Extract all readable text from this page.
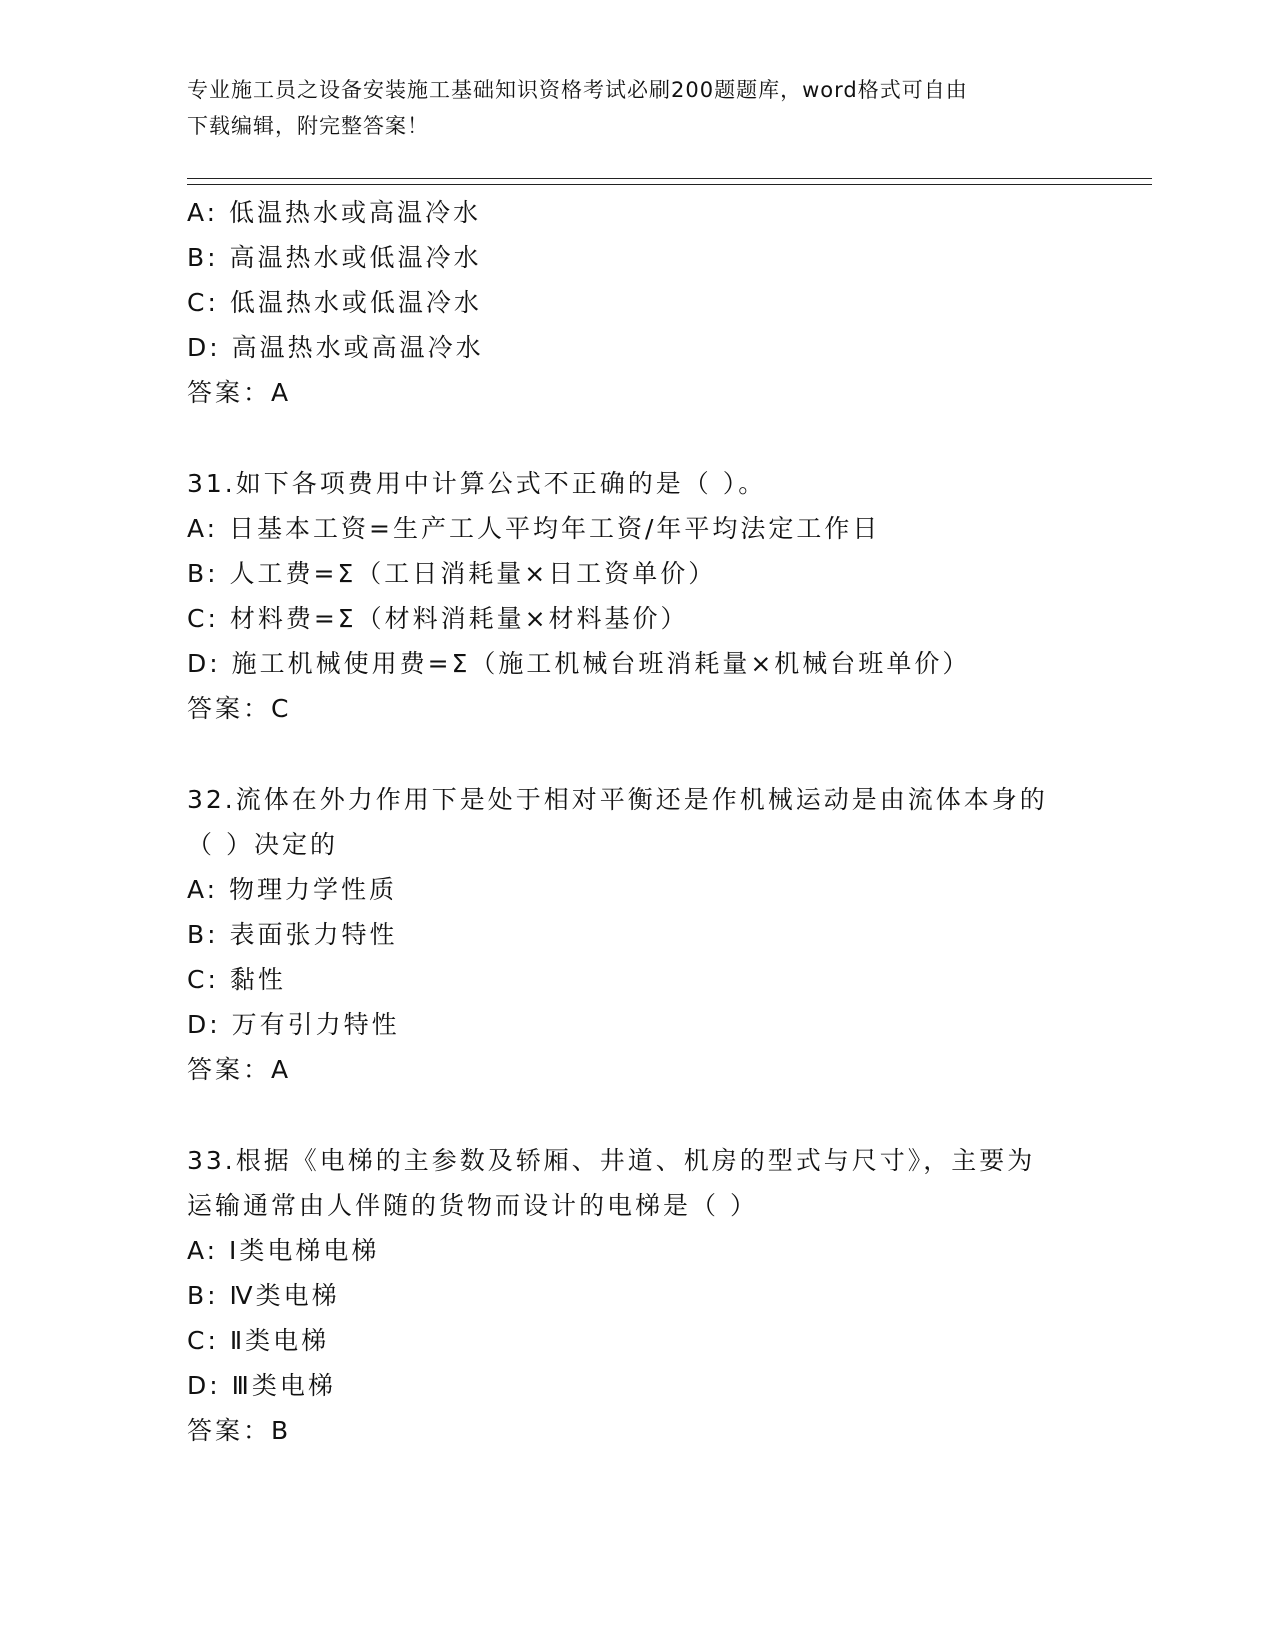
专业施工员之设备安装施工基础知识资格考试必刷200题题库，word格式可自由
下载编辑，附完整答案！
A: 低温热水或高温冷水
B: 高温热水或低温冷水
C: 低温热水或低温冷水
D: 高温热水或高温冷水
答案：A
31.如下各项费用中计算公式不正确的是（ ）。
A: 日基本工资=生产工人平均年工资/年平均法定工作日
B: 人工费=Σ（工日消耗量×日工资单价）
C: 材料费=Σ（材料消耗量×材料基价）
D: 施工机械使用费=Σ（施工机械台班消耗量×机械台班单价）
答案：C
32.流体在外力作用下是处于相对平衡还是作机械运动是由流体本身的
（ ）决定的
A: 物理力学性质
B: 表面张力特性
C: 黏性
D: 万有引力特性
答案：A
33.根据《电梯的主参数及轿厢、井道、机房的型式与尺寸》，主要为
运输通常由人伴随的货物而设计的电梯是（ ）
A: Ⅰ类电梯电梯
B: Ⅳ类电梯
C: Ⅱ类电梯
D: Ⅲ类电梯
答案：B
